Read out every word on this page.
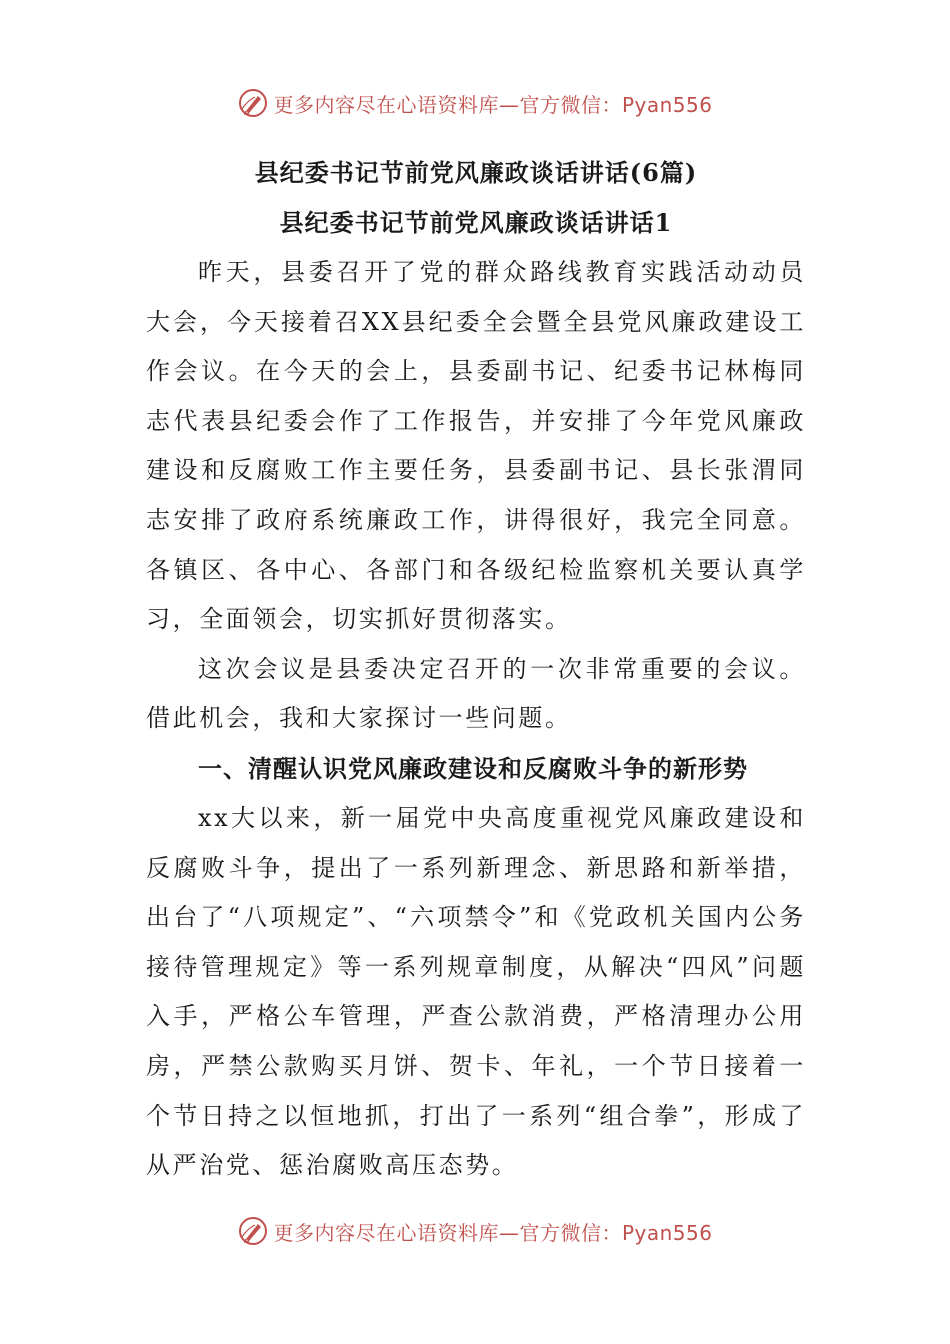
更多内容尽在心语资料库—官方微信：Pyan556
县纪委书记节前党风廉政谈话讲话(6篇)
县纪委书记节前党风廉政谈话讲话1

昨天，县委召开了党的群众路线教育实践活动动员大会，今天接着召XX县纪委全会暨全县党风廉政建设工作会议。在今天的会上，县委副书记、纪委书记林梅同志代表县纪委会作了工作报告，并安排了今年党风廉政建设和反腐败工作主要任务，县委副书记、县长张渭同志安排了政府系统廉政工作，讲得很好，我完全同意。各镇区、各中心、各部门和各级纪检监察机关要认真学习，全面领会，切实抓好贯彻落实。

这次会议是县委决定召开的一次非常重要的会议。借此机会，我和大家探讨一些问题。

一、清醒认识党风廉政建设和反腐败斗争的新形势

xx大以来，新一届党中央高度重视党风廉政建设和反腐败斗争，提出了一系列新理念、新思路和新举措，出台了“八项规定”、“六项禁令”和《党政机关国内公务接待管理规定》等一系列规章制度，从解决“四风”问题入手，严格公车管理，严查公款消费，严格清理办公用房，严禁公款购买月饼、贺卡、年礼，一个节日接着一个节日持之以恒地抓，打出了一系列“组合拳”，形成了从严治党、惩治腐败高压态势。

更多内容尽在心语资料库—官方微信：Pyan556
